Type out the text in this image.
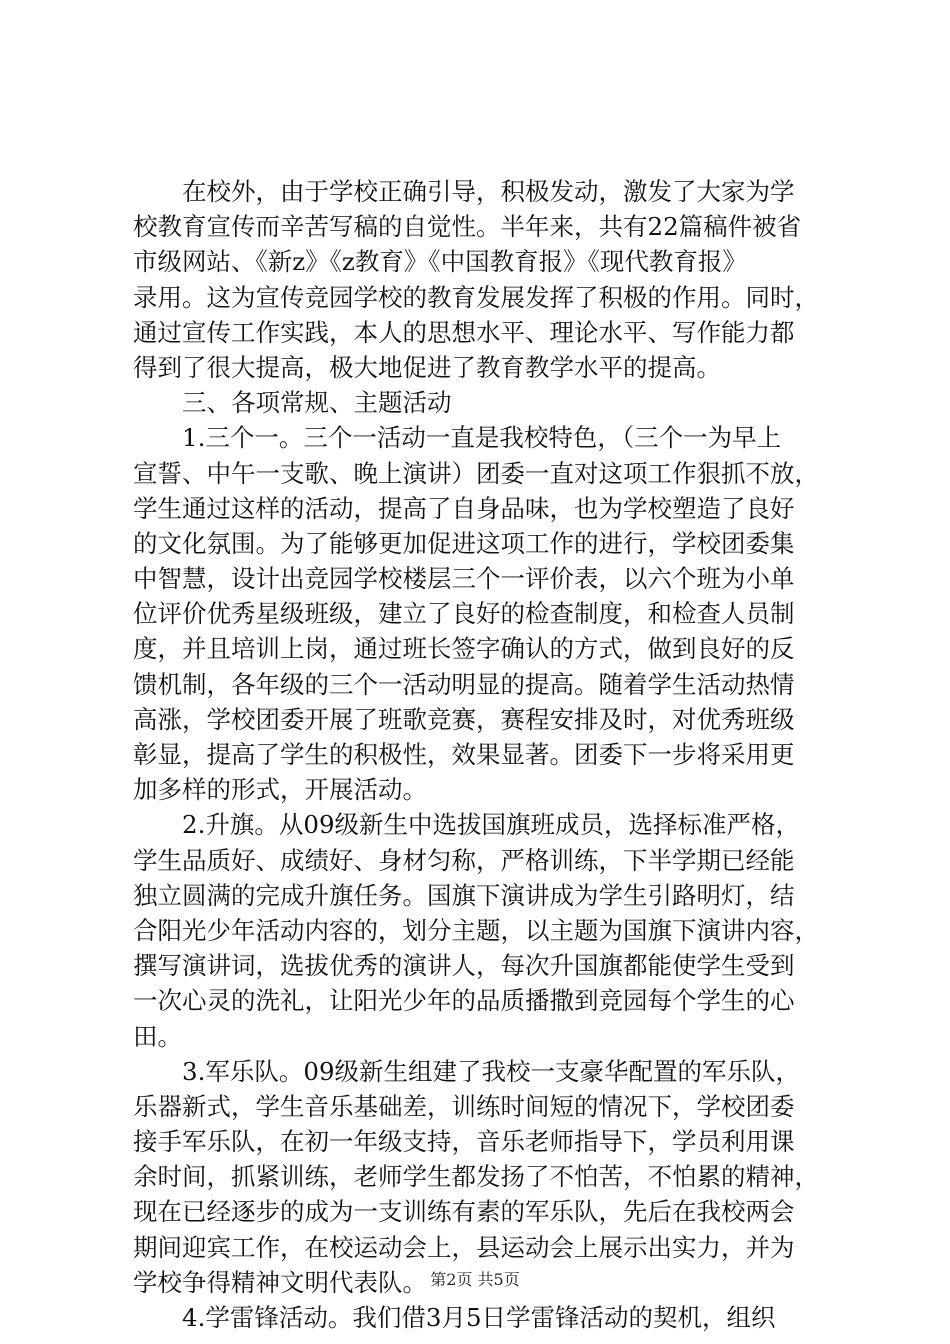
　　在校外，由于学校正确引导，积极发动，激发了大家为学
校教育宣传而辛苦写稿的自觉性。半年来，共有22篇稿件被省
市级网站、《新z》《z教育》《中国教育报》《现代教育报》
录用。这为宣传竞园学校的教育发展发挥了积极的作用。同时，
通过宣传工作实践，本人的思想水平、理论水平、写作能力都
得到了很大提高，极大地促进了教育教学水平的提高。
　　三、各项常规、主题活动
　　1.三个一。三个一活动一直是我校特色，（三个一为早上
宣誓、中午一支歌、晚上演讲）团委一直对这项工作狠抓不放，
学生通过这样的活动，提高了自身品味，也为学校塑造了良好
的文化氛围。为了能够更加促进这项工作的进行，学校团委集
中智慧，设计出竞园学校楼层三个一评价表，以六个班为小单
位评价优秀星级班级，建立了良好的检查制度，和检查人员制
度，并且培训上岗，通过班长签字确认的方式，做到良好的反
馈机制，各年级的三个一活动明显的提高。随着学生活动热情
高涨，学校团委开展了班歌竞赛，赛程安排及时，对优秀班级
彰显，提高了学生的积极性，效果显著。团委下一步将采用更
加多样的形式，开展活动。
　　2.升旗。从09级新生中选拔国旗班成员，选择标准严格，
学生品质好、成绩好、身材匀称，严格训练，下半学期已经能
独立圆满的完成升旗任务。国旗下演讲成为学生引路明灯，结
合阳光少年活动内容的，划分主题，以主题为国旗下演讲内容，
撰写演讲词，选拔优秀的演讲人，每次升国旗都能使学生受到
一次心灵的洗礼，让阳光少年的品质播撒到竞园每个学生的心
田。
　　3.军乐队。09级新生组建了我校一支豪华配置的军乐队，
乐器新式，学生音乐基础差，训练时间短的情况下，学校团委
接手军乐队，在初一年级支持，音乐老师指导下，学员利用课
余时间，抓紧训练，老师学生都发扬了不怕苦，不怕累的精神，
现在已经逐步的成为一支训练有素的军乐队，先后在我校两会
期间迎宾工作，在校运动会上，县运动会上展示出实力，并为
学校争得精神文明代表队。
　　4.学雷锋活动。我们借3月5日学雷锋活动的契机，组织
第2页 共5页
